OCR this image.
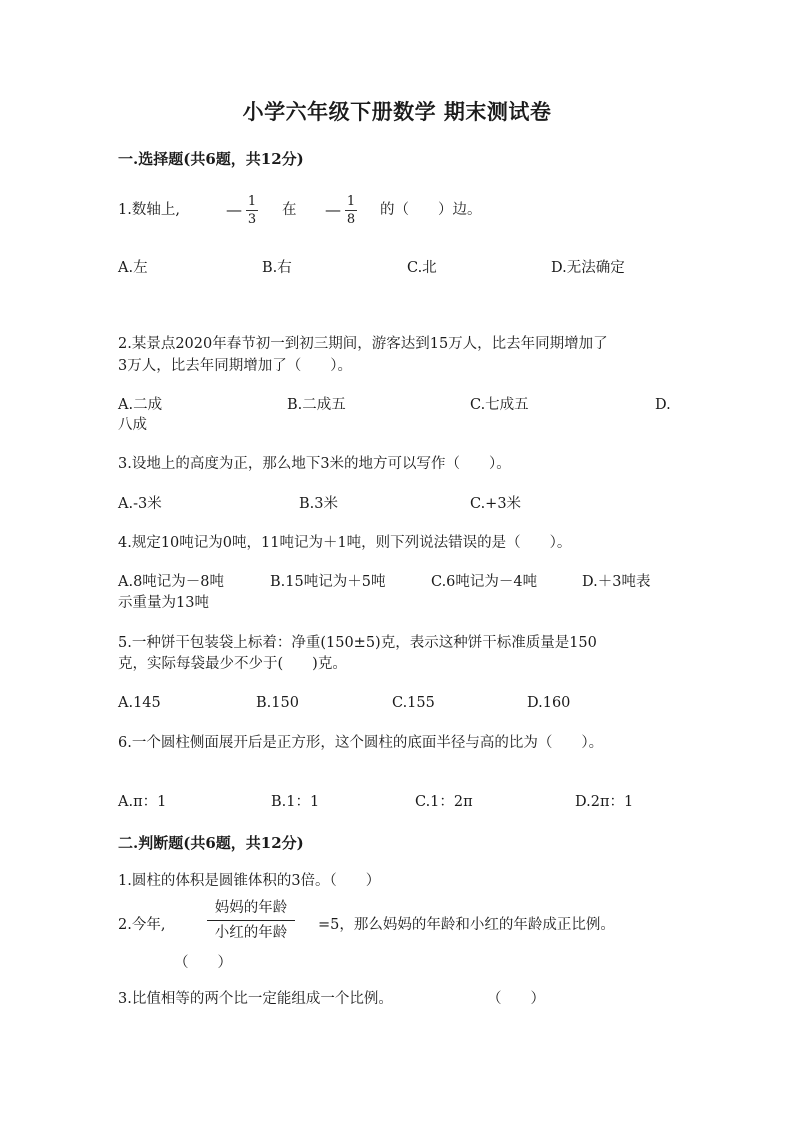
小学六年级下册数学 期末测试卷
一.选择题(共6题，共12分)
1.数轴上,	— 1
3
在 — 1
8
的（　　）边。
A.左	B.右	C.北	D.无法确定
2.某景点2020年春节初一到初三期间，游客达到15万人，比去年同期增加了
3万人，比去年同期增加了（　　）。
A.二成	B.二成五	C.七成五	D.
八成
3.设地上的高度为正，那么地下3米的地方可以写作（　　）。
A.-3米	B.3米	C.+3米
4.规定10吨记为0吨，11吨记为＋1吨，则下列说法错误的是（　　）。
A.8吨记为－8吨	B.15吨记为＋5吨	C.6吨记为－4吨	D.＋3吨表
示重量为13吨
5.一种饼干包装袋上标着：净重(150±5)克，表示这种饼干标准质量是150
克，实际每袋最少不少于(　　)克。
A.145	B.150	C.155	D.160
6.一个圆柱侧面展开后是正方形，这个圆柱的底面半径与高的比为（　　）。
A.π：1	B.1：1	C.1：2π	D.2π：1
二.判断题(共6题，共12分)
1.圆柱的体积是圆锥体积的3倍。（　　）
2.今年,
妈妈的年龄
小红的年龄 =5，那么妈妈的年龄和小红的年龄成正比例。
（　　）
3.比值相等的两个比一定能组成一个比例。	（　　）
